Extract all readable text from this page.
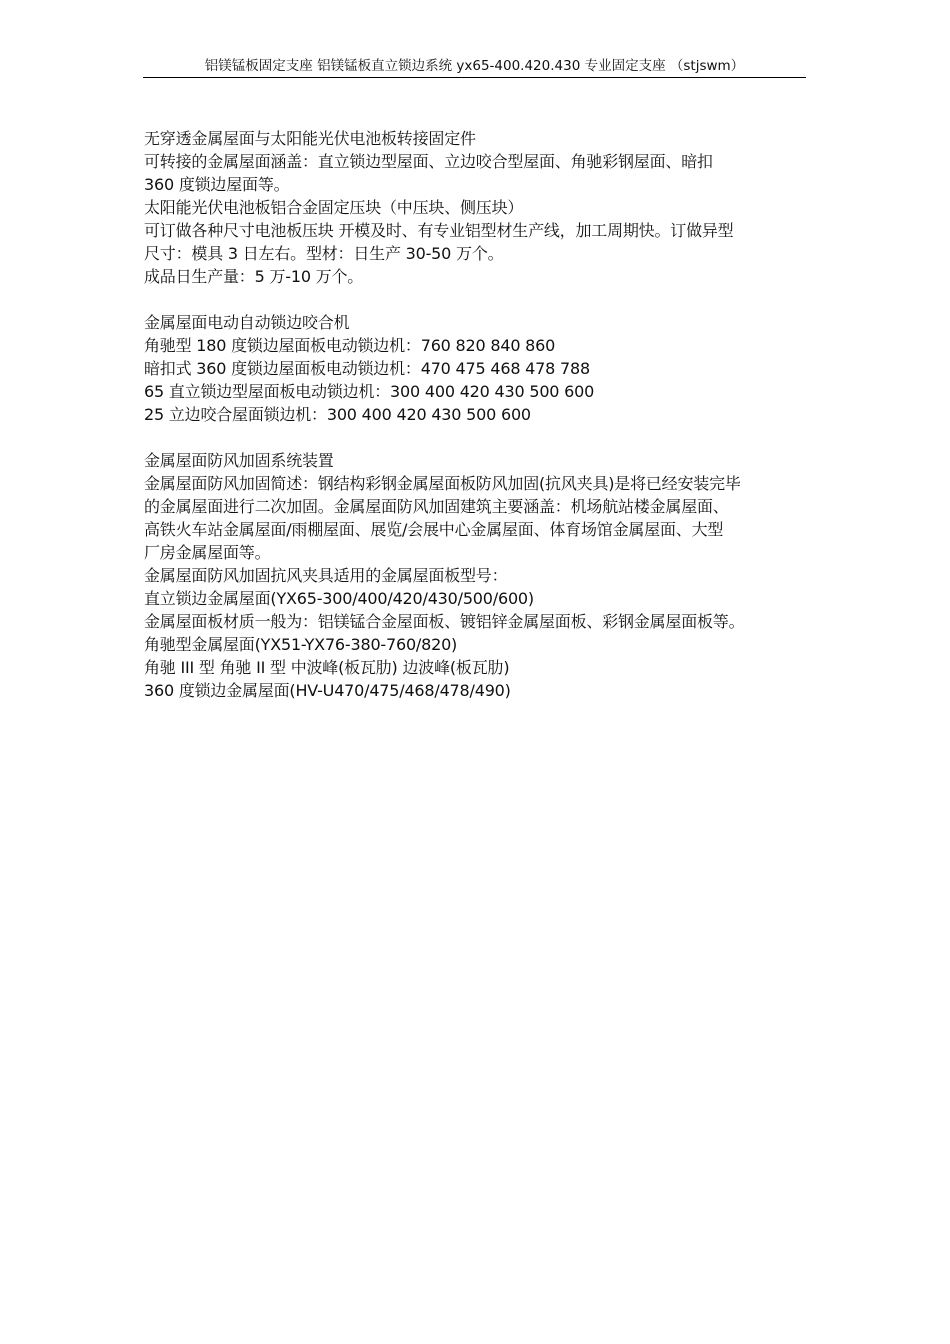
铝镁锰板固定支座 铝镁锰板直立锁边系统 yx65-400.420.430 专业固定支座 （stjswm）
无穿透金属屋面与太阳能光伏电池板转接固定件
可转接的金属屋面涵盖：直立锁边型屋面、立边咬合型屋面、角驰彩钢屋面、暗扣
360 度锁边屋面等。
太阳能光伏电池板铝合金固定压块（中压块、侧压块）
可订做各种尺寸电池板压块 开模及时、有专业铝型材生产线，加工周期快。订做异型
尺寸：模具 3 日左右。型材：日生产 30-50 万个。
成品日生产量：5 万-10 万个。
金属屋面电动自动锁边咬合机
角驰型 180 度锁边屋面板电动锁边机：760 820 840 860
暗扣式 360 度锁边屋面板电动锁边机：470 475 468 478 788
65 直立锁边型屋面板电动锁边机：300 400 420 430 500 600
25 立边咬合屋面锁边机：300 400 420 430 500 600
金属屋面防风加固系统装置
金属屋面防风加固简述：钢结构彩钢金属屋面板防风加固(抗风夹具)是将已经安装完毕
的金属屋面进行二次加固。金属屋面防风加固建筑主要涵盖：机场航站楼金属屋面、
高铁火车站金属屋面/雨棚屋面、展览/会展中心金属屋面、体育场馆金属屋面、大型
厂房金属屋面等。
金属屋面防风加固抗风夹具适用的金属屋面板型号：
直立锁边金属屋面(YX65-300/400/420/430/500/600)
金属屋面板材质一般为：铝镁锰合金屋面板、镀铝锌金属屋面板、彩钢金属屋面板等。
角驰型金属屋面(YX51-YX76-380-760/820)
角驰 III 型 角驰 II 型 中波峰(板瓦肋) 边波峰(板瓦肋)
360 度锁边金属屋面(HV-U470/475/468/478/490)
